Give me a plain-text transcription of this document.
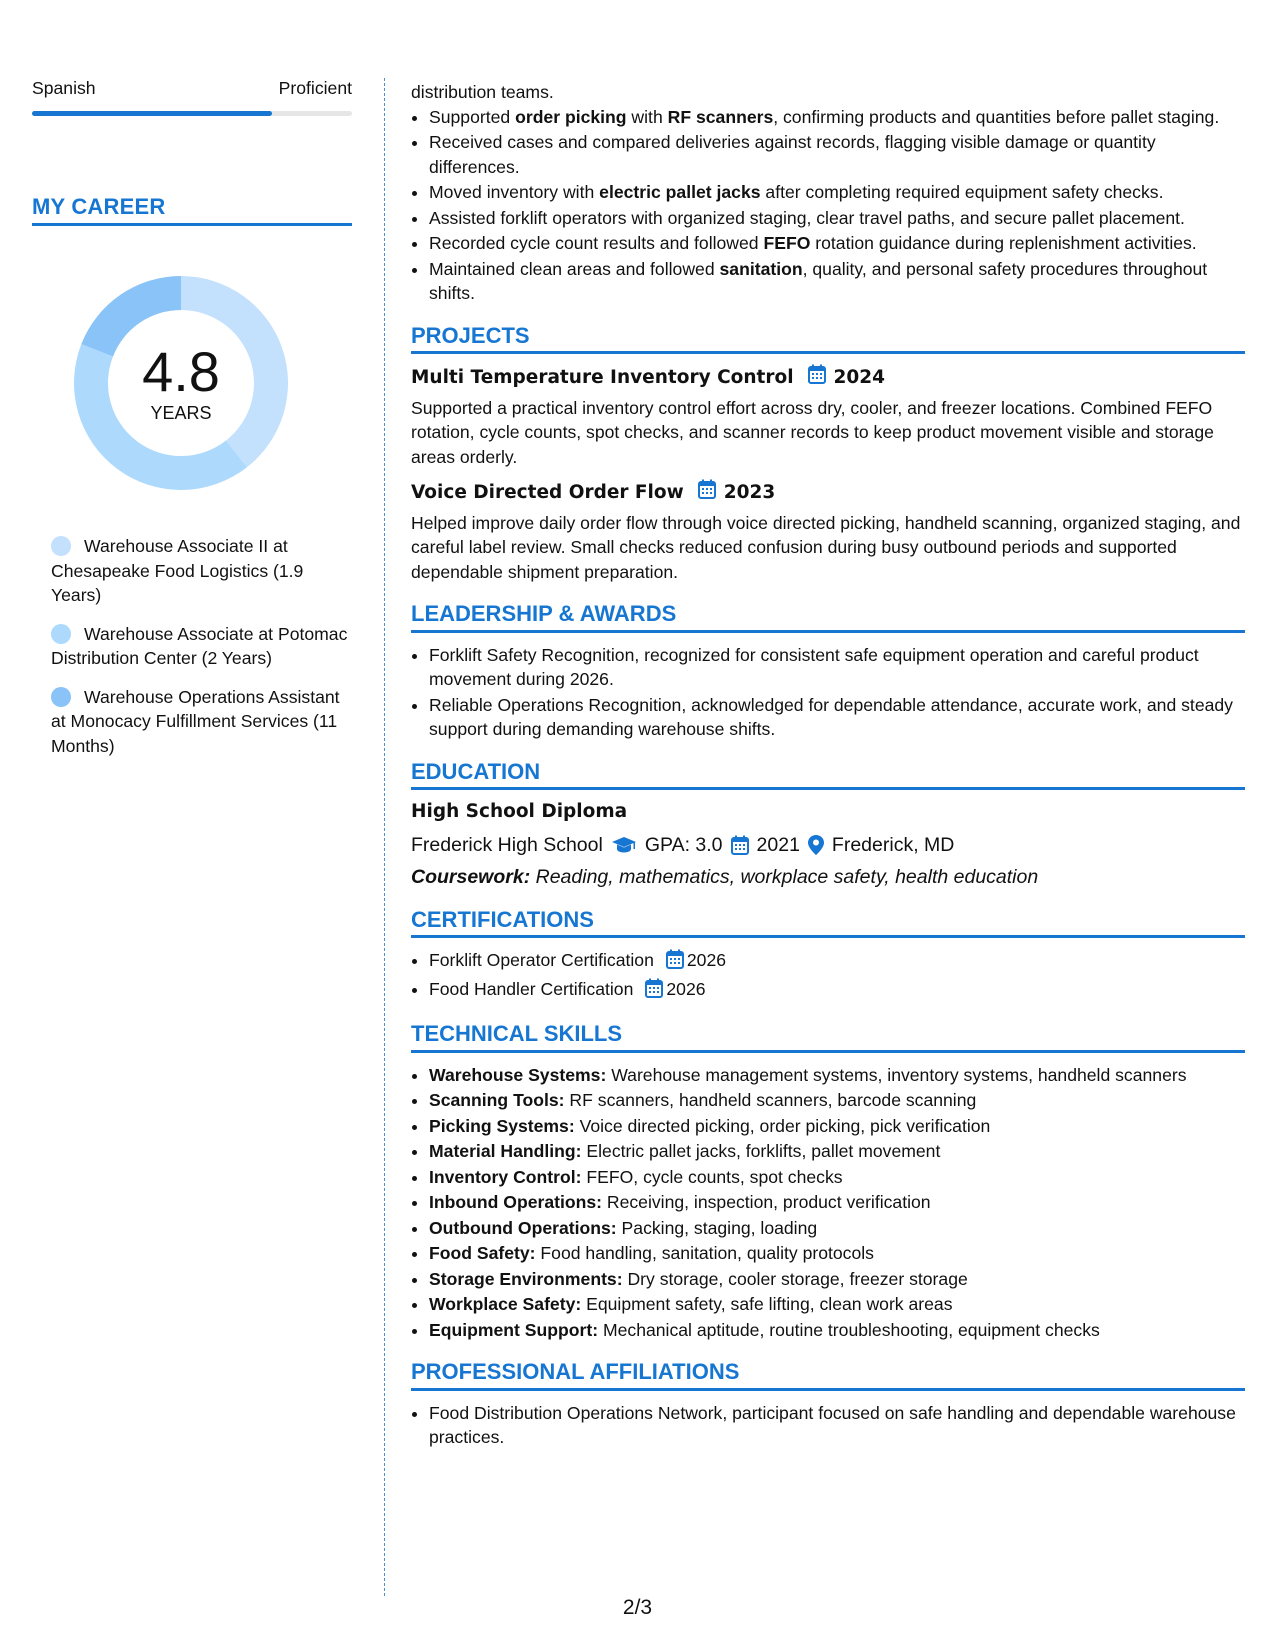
Spanish	Proficient
MY CAREER
4.8
YEARS
Warehouse Associate II at Chesapeake Food Logistics (1.9 Years)
Warehouse Associate at Potomac Distribution Center (2 Years)
Warehouse Operations Assistant at Monocacy Fulfillment Services (11 Months)
distribution teams.
• Supported order picking with RF scanners, confirming products and quantities before pallet staging.
• Received cases and compared deliveries against records, flagging visible damage or quantity differences.
• Moved inventory with electric pallet jacks after completing required equipment safety checks.
• Assisted forklift operators with organized staging, clear travel paths, and secure pallet placement.
• Recorded cycle count results and followed FEFO rotation guidance during replenishment activities.
• Maintained clean areas and followed sanitation, quality, and personal safety procedures throughout shifts.
PROJECTS
Multi Temperature Inventory Control 2024
Supported a practical inventory control effort across dry, cooler, and freezer locations. Combined FEFO rotation, cycle counts, spot checks, and scanner records to keep product movement visible and storage areas orderly.
Voice Directed Order Flow 2023
Helped improve daily order flow through voice directed picking, handheld scanning, organized staging, and careful label review. Small checks reduced confusion during busy outbound periods and supported dependable shipment preparation.
LEADERSHIP & AWARDS
• Forklift Safety Recognition, recognized for consistent safe equipment operation and careful product movement during 2026.
• Reliable Operations Recognition, acknowledged for dependable attendance, accurate work, and steady support during demanding warehouse shifts.
EDUCATION
High School Diploma
Frederick High School GPA: 3.0 2021 Frederick, MD
Coursework: Reading, mathematics, workplace safety, health education
CERTIFICATIONS
• Forklift Operator Certification 2026
• Food Handler Certification 2026
TECHNICAL SKILLS
• Warehouse Systems: Warehouse management systems, inventory systems, handheld scanners
• Scanning Tools: RF scanners, handheld scanners, barcode scanning
• Picking Systems: Voice directed picking, order picking, pick verification
• Material Handling: Electric pallet jacks, forklifts, pallet movement
• Inventory Control: FEFO, cycle counts, spot checks
• Inbound Operations: Receiving, inspection, product verification
• Outbound Operations: Packing, staging, loading
• Food Safety: Food handling, sanitation, quality protocols
• Storage Environments: Dry storage, cooler storage, freezer storage
• Workplace Safety: Equipment safety, safe lifting, clean work areas
• Equipment Support: Mechanical aptitude, routine troubleshooting, equipment checks
PROFESSIONAL AFFILIATIONS
• Food Distribution Operations Network, participant focused on safe handling and dependable warehouse practices.
2/3
